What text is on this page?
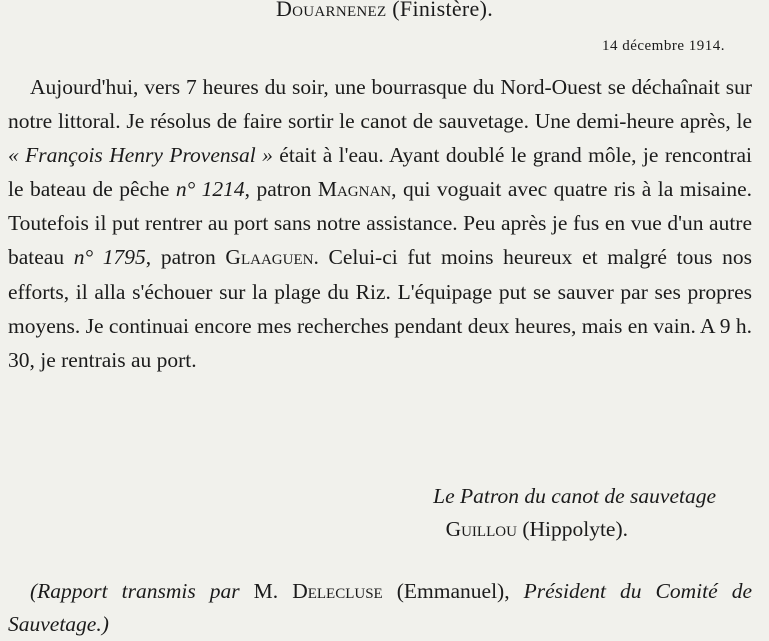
Douarnenez (Finistère).
14 décembre 1914.

Aujourd'hui, vers 7 heures du soir, une bourrasque du Nord-Ouest se déchaînait sur notre littoral. Je résolus de faire sortir le canot de sauvetage. Une demi-heure après, le « François Henry Provensal » était à l'eau. Ayant doublé le grand môle, je rencontrai le bateau de pêche n° 1214, patron Magnan, qui voguait avec quatre ris à la misaine. Toutefois il put rentrer au port sans notre assistance. Peu après je fus en vue d'un autre bateau n° 1795, patron Glaaguen. Celui-ci fut moins heureux et malgré tous nos efforts, il alla s'échouer sur la plage du Riz. L'équipage put se sauver par ses propres moyens. Je continuai encore mes recherches pendant deux heures, mais en vain. A 9 h. 30, je rentrais au port.

Le Patron du canot de sauvetage
Guillou (Hippolyte).

(Rapport transmis par M. Delecluse (Emmanuel), Président du Comité de Sauvetage.)
